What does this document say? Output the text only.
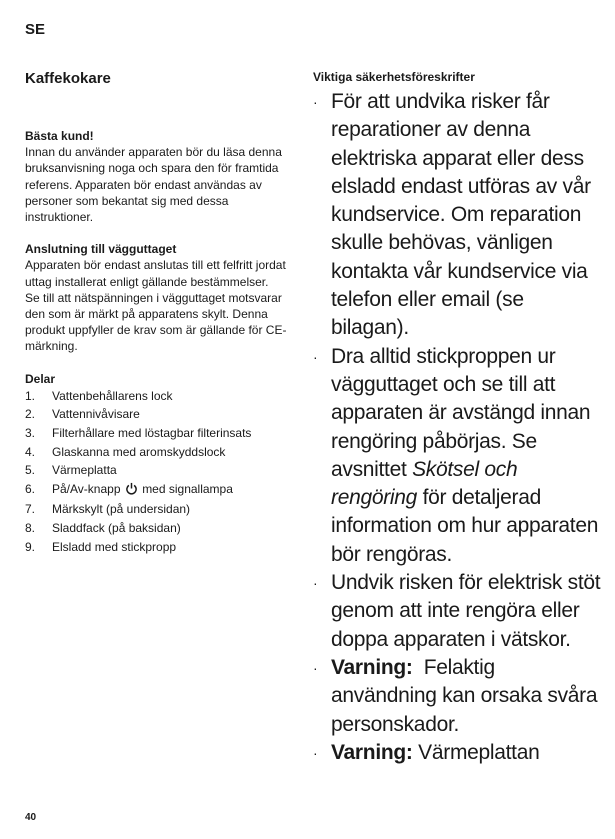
SE
Kaffekokare
Bästa kund!

Innan du använder apparaten bör du läsa denna bruksanvisning noga och spara den för framtida referens. Apparaten bör endast användas av personer som bekantat sig med dessa instruktioner.

Anslutning till vägguttaget

Apparaten bör endast anslutas till ett felfritt jordat uttag installerat enligt gällande bestämmelser.

Se till att nätspänningen i vägguttaget motsvarar den som är märkt på apparatens skylt. Denna produkt uppfyller de krav som är gällande för CE-märkning.

Delar
1.	Vattenbehållarens lock
2.	Vattennivåvisare
3.	Filterhållare med löstagbar filterinsats
4.	Glaskanna med aromskyddslock
5.	Värmeplatta
6.	På/Av-knapp med signallampa
7.	Märkskylt (på undersidan)
8.	Sladdfack (på baksidan)
9.	Elsladd med stickpropp
Viktiga säkerhetsföreskrifter
· För att undvika risker får reparationer av denna elektriska apparat eller dess elsladd endast utföras av vår kundservice. Om reparation skulle behövas, vänligen kontakta vår kundservice via telefon eller email (se bilagan).
· Dra alltid stickproppen ur vägguttaget och se till att apparaten är avstängd innan rengöring påbörjas. Se avsnittet Skötsel och rengöring för detaljerad information om hur apparaten bör rengöras.
· Undvik risken för elektrisk stöt genom att inte rengöra eller doppa apparaten i vätskor.
· Varning: Felaktig användning kan orsaka svåra personskador.
· Varning: Värmeplattan
40
